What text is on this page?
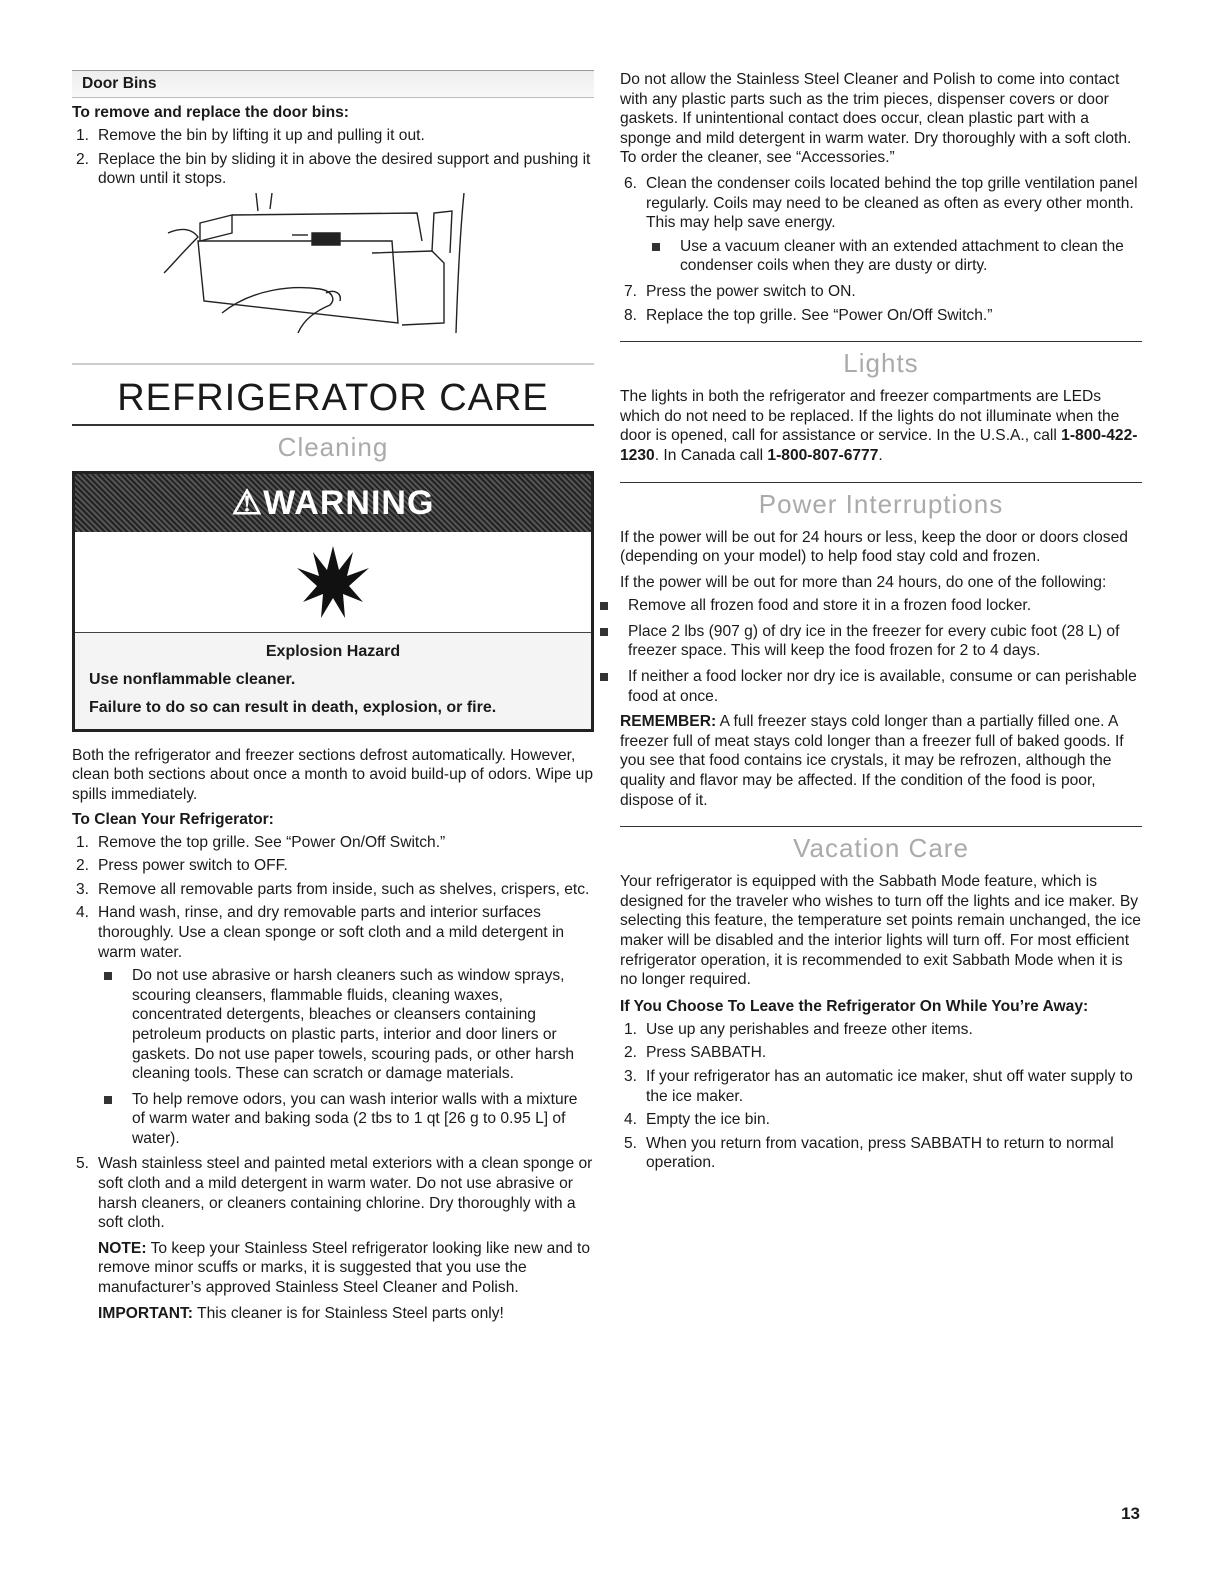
Door Bins
To remove and replace the door bins:
1. Remove the bin by lifting it up and pulling it out.
2. Replace the bin by sliding it in above the desired support and pushing it down until it stops.
REFRIGERATOR CARE
Cleaning
⚠WARNING
Explosion Hazard
Use nonflammable cleaner.
Failure to do so can result in death, explosion, or fire.

Both the refrigerator and freezer sections defrost automatically. However, clean both sections about once a month to avoid build-up of odors. Wipe up spills immediately.

To Clean Your Refrigerator:
1. Remove the top grille. See “Power On/Off Switch.”
2. Press power switch to OFF.
3. Remove all removable parts from inside, such as shelves, crispers, etc.
4. Hand wash, rinse, and dry removable parts and interior surfaces thoroughly. Use a clean sponge or soft cloth and a mild detergent in warm water.
Do not use abrasive or harsh cleaners such as window sprays, scouring cleansers, flammable fluids, cleaning waxes, concentrated detergents, bleaches or cleansers containing petroleum products on plastic parts, interior and door liners or gaskets. Do not use paper towels, scouring pads, or other harsh cleaning tools. These can scratch or damage materials.
To help remove odors, you can wash interior walls with a mixture of warm water and baking soda (2 tbs to 1 qt [26 g to 0.95 L] of water).
5. Wash stainless steel and painted metal exteriors with a clean sponge or soft cloth and a mild detergent in warm water. Do not use abrasive or harsh cleaners, or cleaners containing chlorine. Dry thoroughly with a soft cloth.

NOTE: To keep your Stainless Steel refrigerator looking like new and to remove minor scuffs or marks, it is suggested that you use the manufacturer’s approved Stainless Steel Cleaner and Polish.

IMPORTANT: This cleaner is for Stainless Steel parts only!

Do not allow the Stainless Steel Cleaner and Polish to come into contact with any plastic parts such as the trim pieces, dispenser covers or door gaskets. If unintentional contact does occur, clean plastic part with a sponge and mild detergent in warm water. Dry thoroughly with a soft cloth. To order the cleaner, see “Accessories.”

6. Clean the condenser coils located behind the top grille ventilation panel regularly. Coils may need to be cleaned as often as every other month. This may help save energy.
Use a vacuum cleaner with an extended attachment to clean the condenser coils when they are dusty or dirty.
7. Press the power switch to ON.
8. Replace the top grille. See “Power On/Off Switch.”
Lights

The lights in both the refrigerator and freezer compartments are LEDs which do not need to be replaced. If the lights do not illuminate when the door is opened, call for assistance or service. In the U.S.A., call 1-800-422-1230. In Canada call 1-800-807-6777.

Power Interruptions

If the power will be out for 24 hours or less, keep the door or doors closed (depending on your model) to help food stay cold and frozen.

If the power will be out for more than 24 hours, do one of the following:

Remove all frozen food and store it in a frozen food locker.
Place 2 lbs (907 g) of dry ice in the freezer for every cubic foot (28 L) of freezer space. This will keep the food frozen for 2 to 4 days.
If neither a food locker nor dry ice is available, consume or can perishable food at once.

REMEMBER: A full freezer stays cold longer than a partially filled one. A freezer full of meat stays cold longer than a freezer full of baked goods. If you see that food contains ice crystals, it may be refrozen, although the quality and flavor may be affected. If the condition of the food is poor, dispose of it.

Vacation Care

Your refrigerator is equipped with the Sabbath Mode feature, which is designed for the traveler who wishes to turn off the lights and ice maker. By selecting this feature, the temperature set points remain unchanged, the ice maker will be disabled and the interior lights will turn off. For most efficient refrigerator operation, it is recommended to exit Sabbath Mode when it is no longer required.

If You Choose To Leave the Refrigerator On While You’re Away:
1. Use up any perishables and freeze other items.
2. Press SABBATH.
3. If your refrigerator has an automatic ice maker, shut off water supply to the ice maker.
4. Empty the ice bin.
5. When you return from vacation, press SABBATH to return to normal operation.
13
